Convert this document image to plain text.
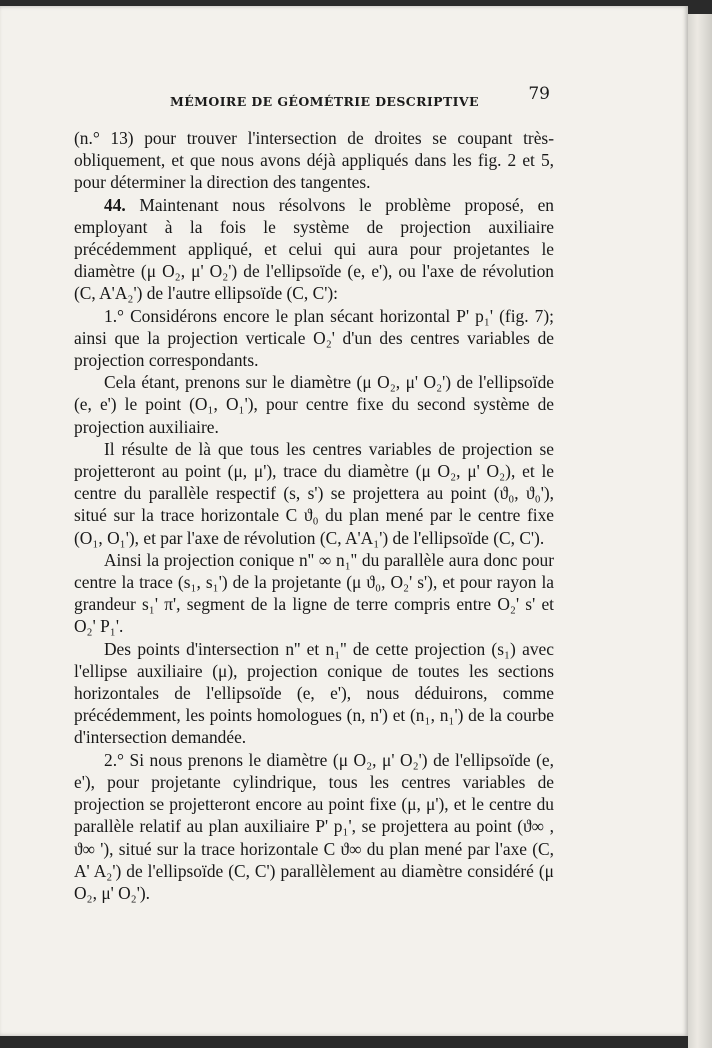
MÉMOIRE DE GÉOMÉTRIE DESCRIPTIVE	79

(n.° 13) pour trouver l'intersection de droites se coupant très-obliquement, et que nous avons déjà appliqués dans les fig. 2 et 5, pour déterminer la direction des tangentes.

44. Maintenant nous résolvons le problème proposé, en employant à la fois le système de projection auxiliaire précédemment appliqué, et celui qui aura pour projetantes le diamètre (μ O₂, μ' O₂') de l'ellipsoïde (e, e'), ou l'axe de révolution (C, A'A₂') de l'autre ellipsoïde (C, C'):

1.° Considérons encore le plan sécant horizontal P' p₁' (fig. 7); ainsi que la projection verticale O₂' d'un des centres variables de projection correspondants.

Cela étant, prenons sur le diamètre (μ O₂, μ' O₂') de l'ellipsoïde (e, e') le point (O₁, O₁'), pour centre fixe du second système de projection auxiliaire.

Il résulte de là que tous les centres variables de projection se projetteront au point (μ, μ'), trace du diamètre (μ O₂, μ' O₂), et le centre du parallèle respectif (s, s') se projettera au point (ϑ₀, ϑ₀'), situé sur la trace horizontale C ϑ₀ du plan mené par le centre fixe (O₁, O₁'), et par l'axe de révolution (C, A'A₁') de l'ellipsoïde (C, C').

Ainsi la projection conique n'' ∞ n₁'' du parallèle aura donc pour centre la trace (s₁, s₁') de la projetante (μ ϑ₀, O₂' s'), et pour rayon la grandeur s₁' π', segment de la ligne de terre compris entre O₂' s' et O₂' P₁'.

Des points d'intersection n'' et n₁'' de cette projection (s₁) avec l'ellipse auxiliaire (μ), projection conique de toutes les sections horizontales de l'ellipsoïde (e, e'), nous déduirons, comme précédemment, les points homologues (n, n') et (n₁, n₁') de la courbe d'intersection demandée.

2.° Si nous prenons le diamètre (μ O₂, μ' O₂') de l'ellipsoïde (e, e'), pour projetante cylindrique, tous les centres variables de projection se projetteront encore au point fixe (μ, μ'), et le centre du parallèle relatif au plan auxiliaire P' p₁', se projettera au point (ϑ∞ , ϑ∞ '), situé sur la trace horizontale C ϑ∞ du plan mené par l'axe (C, A' A₂') de l'ellipsoïde (C, C') parallèlement au diamètre considéré (μ O₂, μ' O₂').
